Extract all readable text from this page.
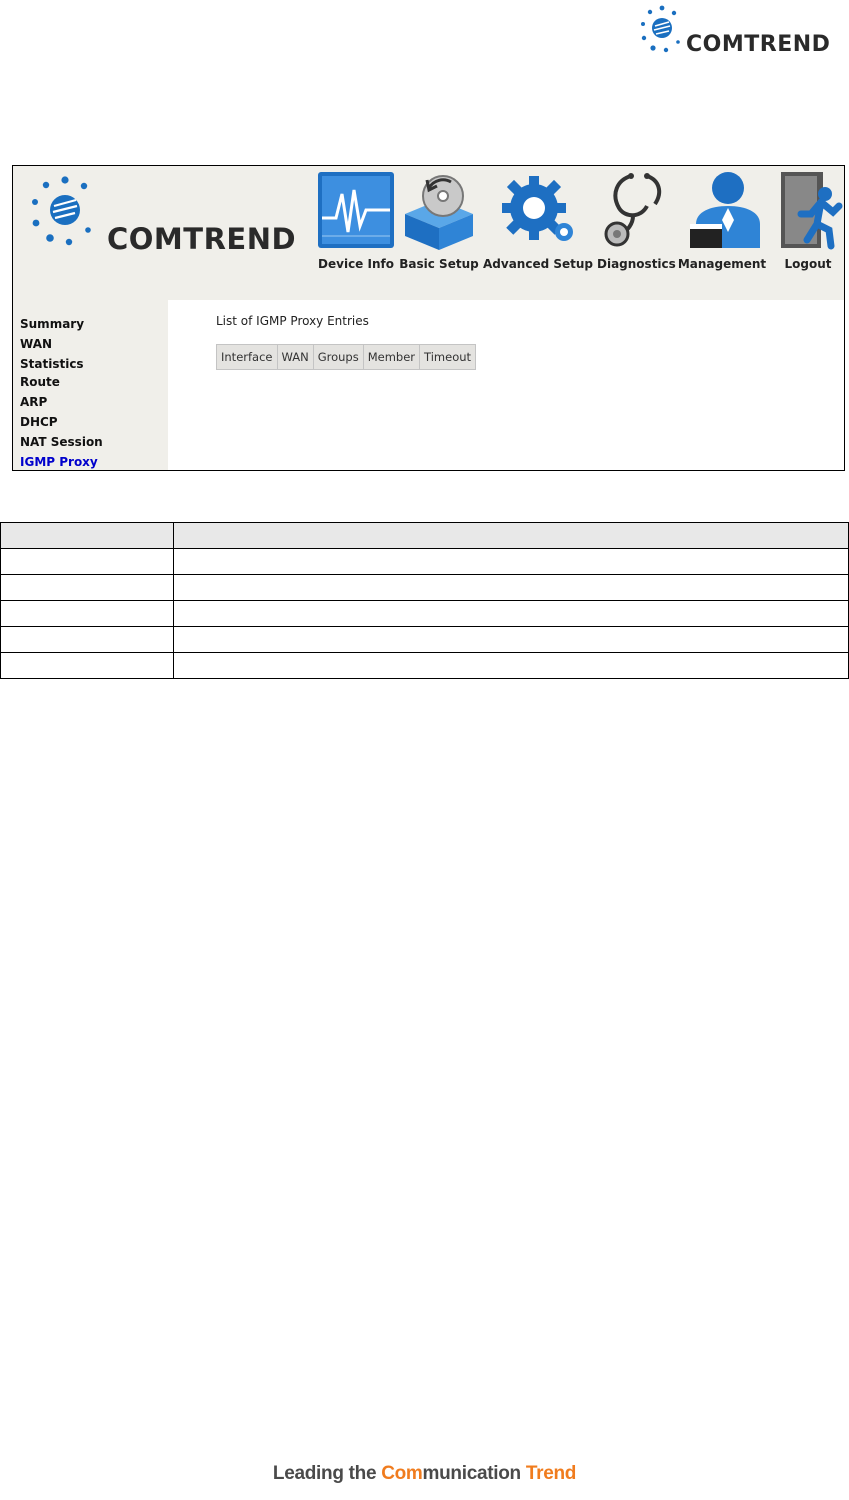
COMTREND
COMTREND
Device Info Basic Setup Advanced Setup Diagnostics Management	Logout
Summary
WAN
Statistics
Route
ARP
DHCP
NAT Session
IGMP Proxy
List of IGMP Proxy Entries
Interface	WAN	Groups	Member	Timeout

Leading the Communication Trend
